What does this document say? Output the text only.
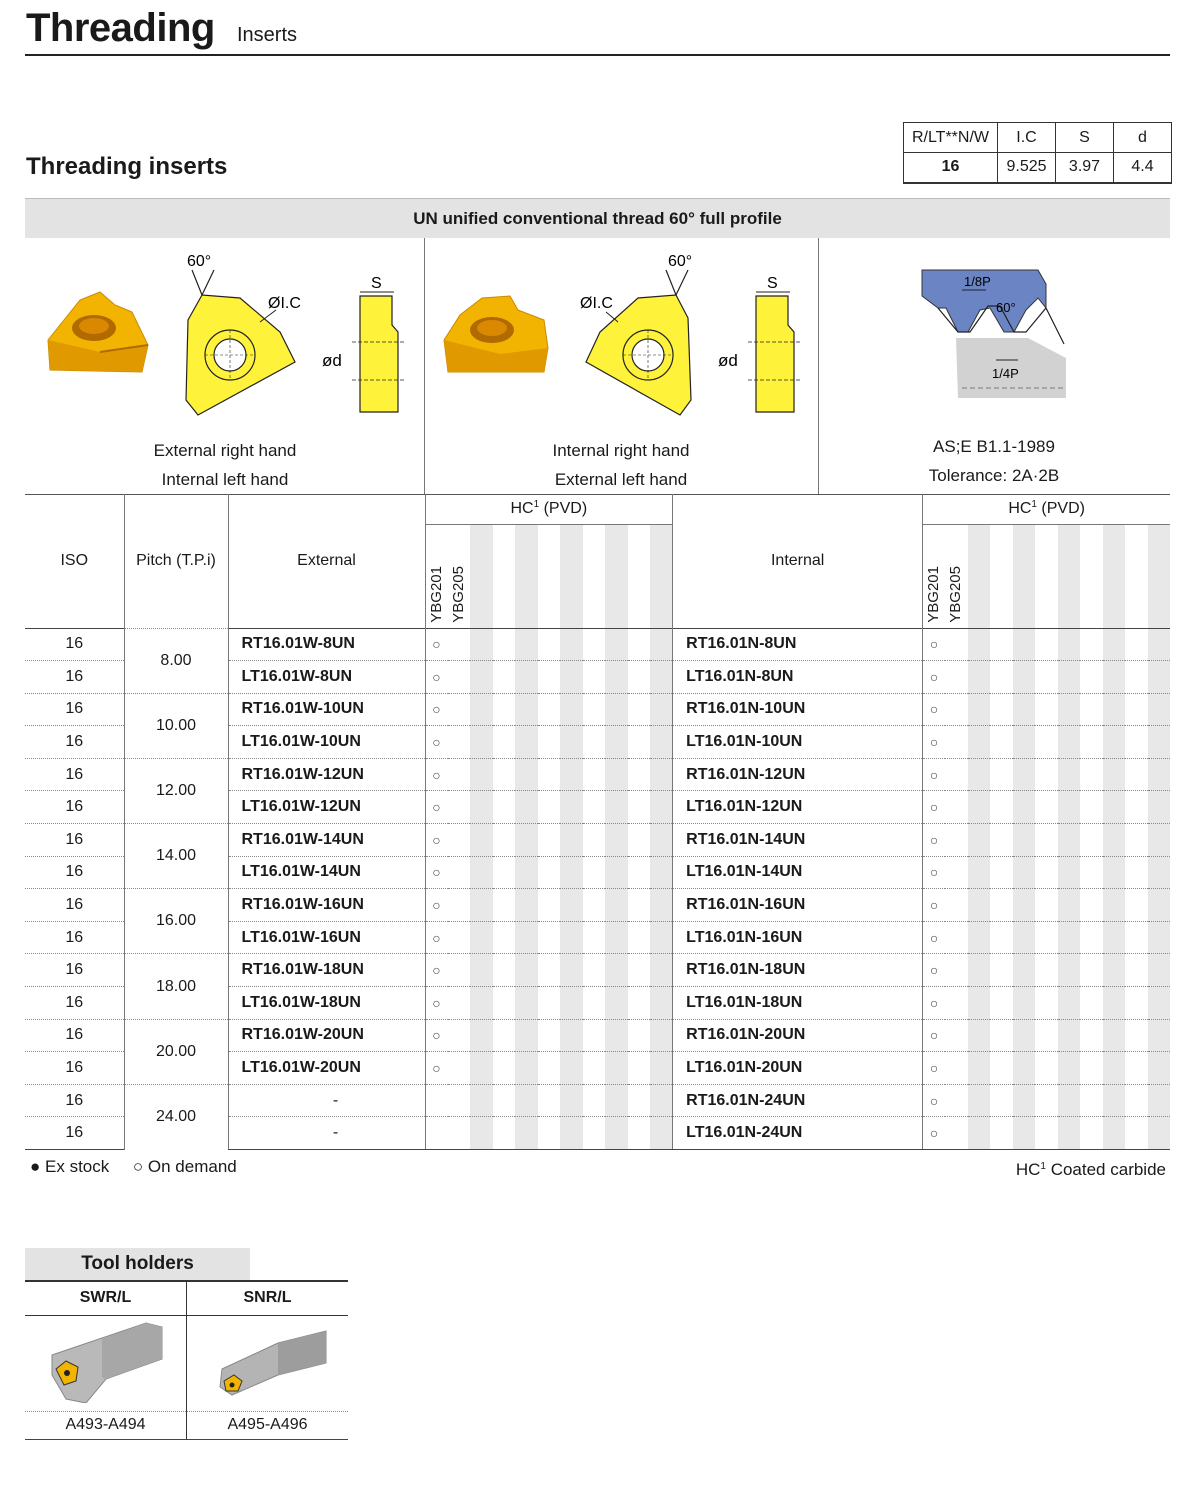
Threading Inserts
Threading inserts
R/LT**N/W	I.C	S	d
16	9.525	3.97	4.4
UN unified conventional thread 60° full profile
60°
ØI.C
S
ød
External right hand
Internal left hand
60°
ØI.C
S
ød
Internal right hand
External left hand
1/8P
60°
1/4P
AS;E B1.1-1989
Tolerance: 2A·2B
ISO	Pitch (T.P.i)	External	$HC^1$ (PVD)											Internal	$HC^1$ (PVD)										
			YBG201	YBG205											YBG201	YBG205									
16	8.00	RT16.01W-8UN	○											RT16.01N-8UN	○										
16		LT16.01W-8UN	○											LT16.01N-8UN	○										
16	10.00	RT16.01W-10UN	○											RT16.01N-10UN	○										
16		LT16.01W-10UN	○											LT16.01N-10UN	○										
16	12.00	RT16.01W-12UN	○											RT16.01N-12UN	○										
16		LT16.01W-12UN	○											LT16.01N-12UN	○										
16	14.00	RT16.01W-14UN	○											RT16.01N-14UN	○										
16		LT16.01W-14UN	○											LT16.01N-14UN	○										
16	16.00	RT16.01W-16UN	○											RT16.01N-16UN	○										
16		LT16.01W-16UN	○											LT16.01N-16UN	○										
16	18.00	RT16.01W-18UN	○											RT16.01N-18UN	○										
16		LT16.01W-18UN	○											LT16.01N-18UN	○										
16	20.00	RT16.01W-20UN	○											RT16.01N-20UN	○										
16		LT16.01W-20UN	○											LT16.01N-20UN	○										
16	24.00	-												RT16.01N-24UN	○										
16		-												LT16.01N-24UN	○										
● Ex stock ○ On demand	$HC^1$ Coated carbide
Tool holders
SWR/L	SNR/L

A493-A494	A495-A496
